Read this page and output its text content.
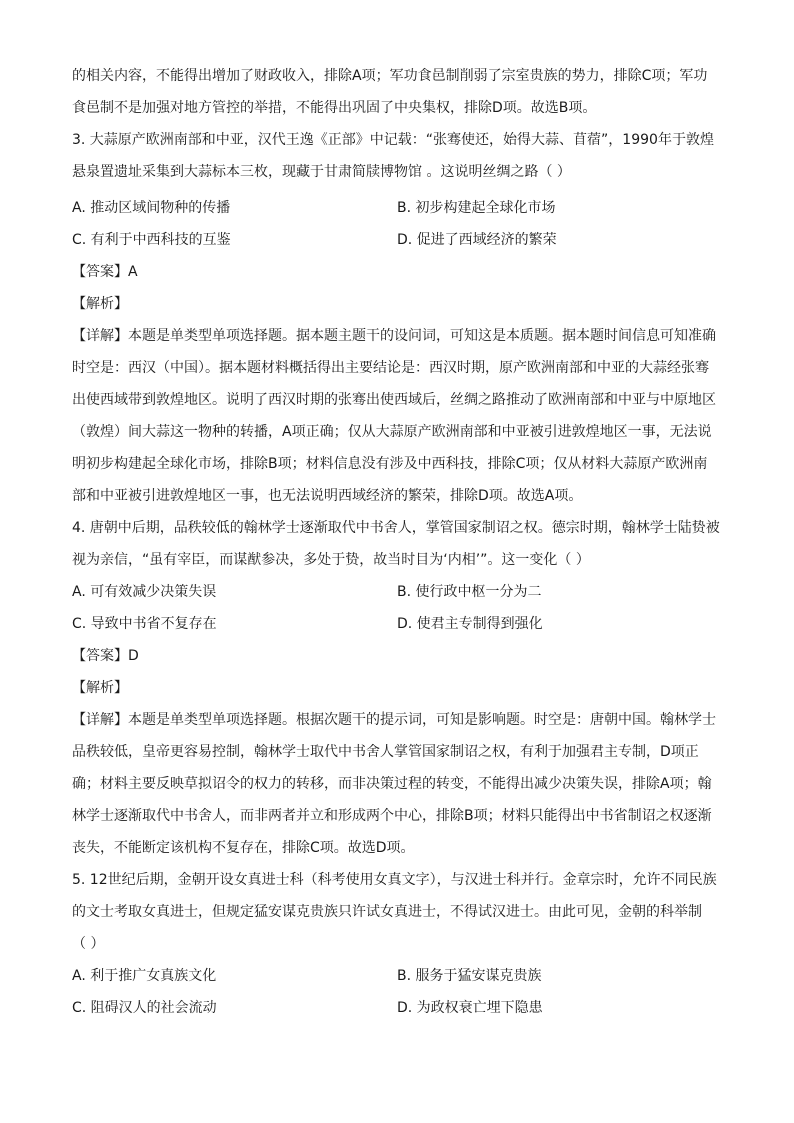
的相关内容，不能得出增加了财政收入，排除A项；军功食邑制削弱了宗室贵族的势力，排除C项；军功
食邑制不是加强对地方管控的举措，不能得出巩固了中央集权，排除D项。故选B项。
3. 大蒜原产欧洲南部和中亚，汉代王逸《正部》中记载：“张骞使还，始得大蒜、苜蓿”，1990年于敦煌
悬泉置遗址采集到大蒜标本三枚，现藏于甘肃简牍博物馆 。这说明丝绸之路（ ）
A. 推动区域间物种的传播	B. 初步构建起全球化市场
C. 有利于中西科技的互鉴	D. 促进了西域经济的繁荣
【答案】A
【解析】
【详解】本题是单类型单项选择题。据本题主题干的设问词，可知这是本质题。据本题时间信息可知准确
时空是：西汉（中国）。据本题材料概括得出主要结论是：西汉时期，原产欧洲南部和中亚的大蒜经张骞
出使西域带到敦煌地区。说明了西汉时期的张骞出使西域后，丝绸之路推动了欧洲南部和中亚与中原地区
（敦煌）间大蒜这一物种的转播，A项正确；仅从大蒜原产欧洲南部和中亚被引进敦煌地区一事，无法说
明初步构建起全球化市场，排除B项；材料信息没有涉及中西科技，排除C项；仅从材料大蒜原产欧洲南
部和中亚被引进敦煌地区一事，也无法说明西域经济的繁荣，排除D项。故选A项。
4. 唐朝中后期，品秩较低的翰林学士逐渐取代中书舍人，掌管国家制诏之权。德宗时期，翰林学士陆贽被
视为亲信，“虽有宰臣，而谋猷参决，多处于贽，故当时目为‘内相’”。这一变化（ ）
A. 可有效减少决策失误	B. 使行政中枢一分为二
C. 导致中书省不复存在	D. 使君主专制得到强化
【答案】D
【解析】
【详解】本题是单类型单项选择题。根据次题干的提示词，可知是影响题。时空是：唐朝中国。翰林学士
品秩较低，皇帝更容易控制，翰林学士取代中书舍人掌管国家制诏之权，有利于加强君主专制，D项正
确；材料主要反映草拟诏令的权力的转移，而非决策过程的转变，不能得出减少决策失误，排除A项；翰
林学士逐渐取代中书舍人，而非两者并立和形成两个中心，排除B项；材料只能得出中书省制诏之权逐渐
丧失，不能断定该机构不复存在，排除C项。故选D项。
5. 12世纪后期，金朝开设女真进士科（科考使用女真文字），与汉进士科并行。金章宗时，允许不同民族
的文士考取女真进士，但规定猛安谋克贵族只许试女真进士，不得试汉进士。由此可见，金朝的科举制
（ ）
A. 利于推广女真族文化	B. 服务于猛安谋克贵族
C. 阻碍汉人的社会流动	D. 为政权衰亡埋下隐患
